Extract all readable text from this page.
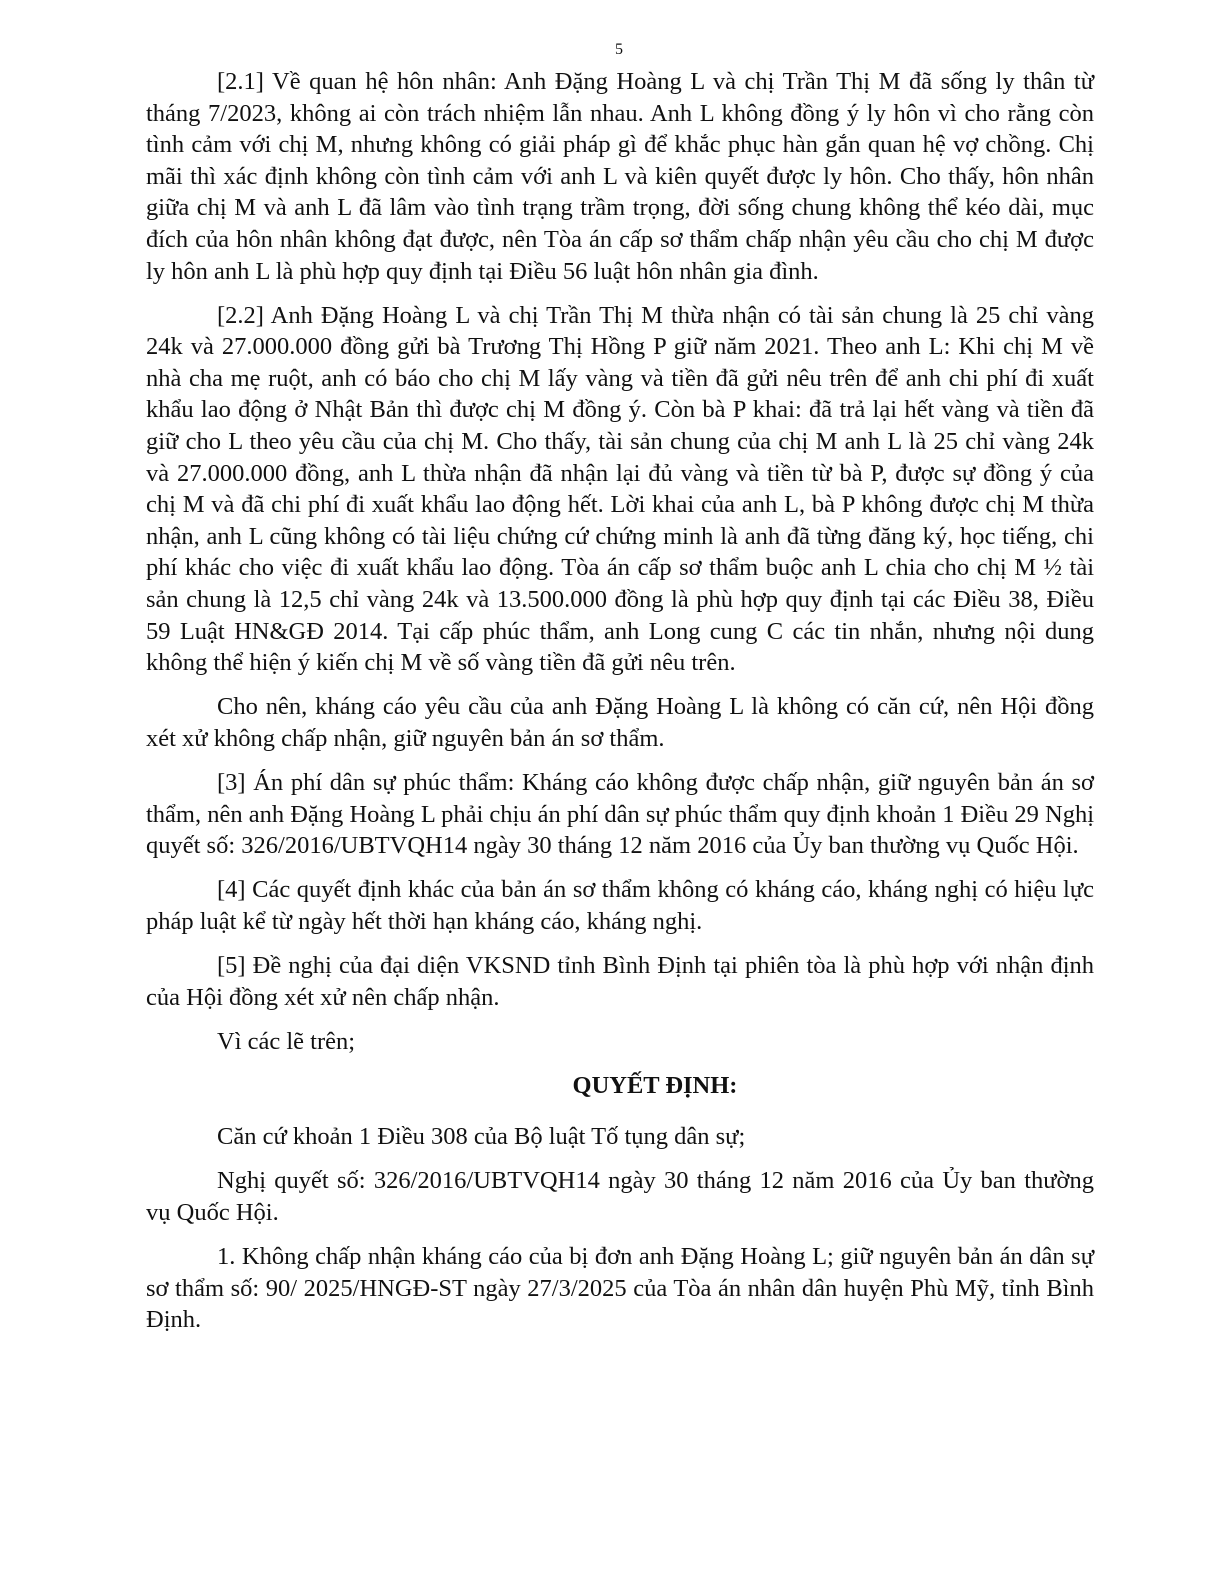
5

[2.1] Về quan hệ hôn nhân: Anh Đặng Hoàng L và chị Trần Thị M đã sống ly thân từ tháng 7/2023, không ai còn trách nhiệm lẫn nhau. Anh L không đồng ý ly hôn vì cho rằng còn tình cảm với chị M, nhưng không có giải pháp gì để khắc phục hàn gắn quan hệ vợ chồng. Chị mãi thì xác định không còn tình cảm với anh L và kiên quyết được ly hôn. Cho thấy, hôn nhân giữa chị M và anh L đã lâm vào tình trạng trầm trọng, đời sống chung không thể kéo dài, mục đích của hôn nhân không đạt được, nên Tòa án cấp sơ thẩm chấp nhận yêu cầu cho chị M được ly hôn anh L là phù hợp quy định tại Điều 56 luật hôn nhân gia đình.

[2.2] Anh Đặng Hoàng L và chị Trần Thị M thừa nhận có tài sản chung là 25 chỉ vàng 24k và 27.000.000 đồng gửi bà Trương Thị Hồng P giữ năm 2021. Theo anh L: Khi chị M về nhà cha mẹ ruột, anh có báo cho chị M lấy vàng và tiền đã gửi nêu trên để anh chi phí đi xuất khẩu lao động ở Nhật Bản thì được chị M đồng ý. Còn bà P khai: đã trả lại hết vàng và tiền đã giữ cho L theo yêu cầu của chị M. Cho thấy, tài sản chung của chị M anh L là 25 chỉ vàng 24k và 27.000.000 đồng, anh L thừa nhận đã nhận lại đủ vàng và tiền từ bà P, được sự đồng ý của chị M và đã chi phí đi xuất khẩu lao động hết. Lời khai của anh L, bà P không được chị M thừa nhận, anh L cũng không có tài liệu chứng cứ chứng minh là anh đã từng đăng ký, học tiếng, chi phí khác cho việc đi xuất khẩu lao động. Tòa án cấp sơ thẩm buộc anh L chia cho chị M ½ tài sản chung là 12,5 chỉ vàng 24k và 13.500.000 đồng là phù hợp quy định tại các Điều 38, Điều 59 Luật HN&GĐ 2014. Tại cấp phúc thẩm, anh Long cung C các tin nhắn, nhưng nội dung không thể hiện ý kiến chị M về số vàng tiền đã gửi nêu trên.

Cho nên, kháng cáo yêu cầu của anh Đặng Hoàng L là không có căn cứ, nên Hội đồng xét xử không chấp nhận, giữ nguyên bản án sơ thẩm.

[3] Án phí dân sự phúc thẩm: Kháng cáo không được chấp nhận, giữ nguyên bản án sơ thẩm, nên anh Đặng Hoàng L phải chịu án phí dân sự phúc thẩm quy định khoản 1 Điều 29 Nghị quyết số: 326/2016/UBTVQH14 ngày 30 tháng 12 năm 2016 của Ủy ban thường vụ Quốc Hội.

[4] Các quyết định khác của bản án sơ thẩm không có kháng cáo, kháng nghị có hiệu lực pháp luật kể từ ngày hết thời hạn kháng cáo, kháng nghị.

[5] Đề nghị của đại diện VKSND tỉnh Bình Định tại phiên tòa là phù hợp với nhận định của Hội đồng xét xử nên chấp nhận.

Vì các lẽ trên;

QUYẾT ĐỊNH:

Căn cứ khoản 1 Điều 308 của Bộ luật Tố tụng dân sự;

Nghị quyết số: 326/2016/UBTVQH14 ngày 30 tháng 12 năm 2016 của Ủy ban thường vụ Quốc Hội.

1. Không chấp nhận kháng cáo của bị đơn anh Đặng Hoàng L; giữ nguyên bản án dân sự sơ thẩm số: 90/ 2025/HNGĐ-ST ngày 27/3/2025 của Tòa án nhân dân huyện Phù Mỹ, tỉnh Bình Định.
